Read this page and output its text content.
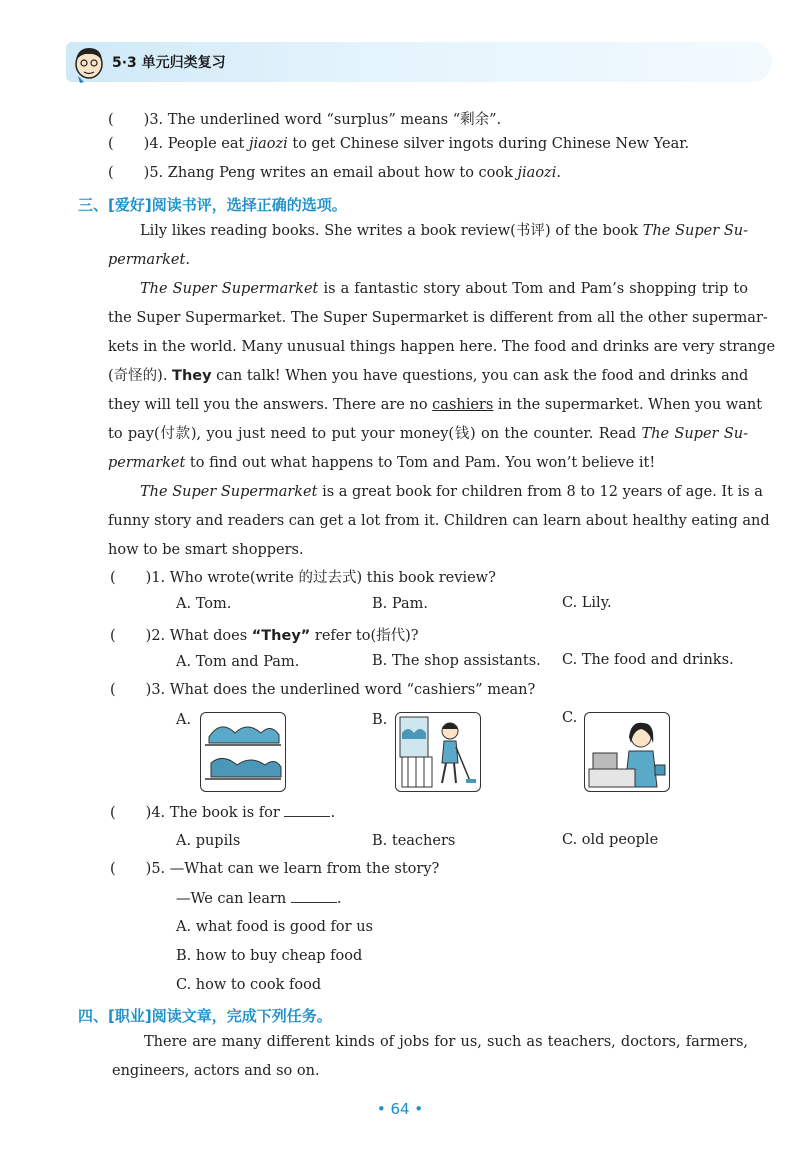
5·3 单元归类复习
( )3. The underlined word “surplus” means “剩余”.
( )4. People eat jiaozi to get Chinese silver ingots during Chinese New Year.
( )5. Zhang Peng writes an email about how to cook jiaozi.
三、[爱好]阅读书评，选择正确的选项。
Lily likes reading books. She writes a book review(书评) of the book The Super Su-
permarket.
The Super Supermarket is a fantastic story about Tom and Pam’s shopping trip to
the Super Supermarket. The Super Supermarket is different from all the other supermar-
kets in the world. Many unusual things happen here. The food and drinks are very strange
(奇怪的). They can talk! When you have questions, you can ask the food and drinks and
they will tell you the answers. There are no cashiers in the supermarket. When you want
to pay(付款), you just need to put your money(钱) on the counter. Read The Super Su-
permarket to find out what happens to Tom and Pam. You won’t believe it!
The Super Supermarket is a great book for children from 8 to 12 years of age. It is a
funny story and readers can get a lot from it. Children can learn about healthy eating and
how to be smart shoppers.
( )1. Who wrote(write 的过去式) this book review?
A. Tom.	B. Pam.	C. Lily.
( )2. What does “They” refer to(指代)?
A. Tom and Pam.	B. The shop assistants. C. The food and drinks.
( )3. What does the underlined word “cashiers” mean?
A.	B.	C.
( )4. The book is for	.
A. pupils	B. teachers	C. old people
( )5. —What can we learn from the story?
—We can learn	.
A. what food is good for us
B. how to buy cheap food
C. how to cook food
四、[职业]阅读文章，完成下列任务。
There are many different kinds of jobs for us, such as teachers, doctors, farmers,
engineers, actors and so on.
• 64 •
